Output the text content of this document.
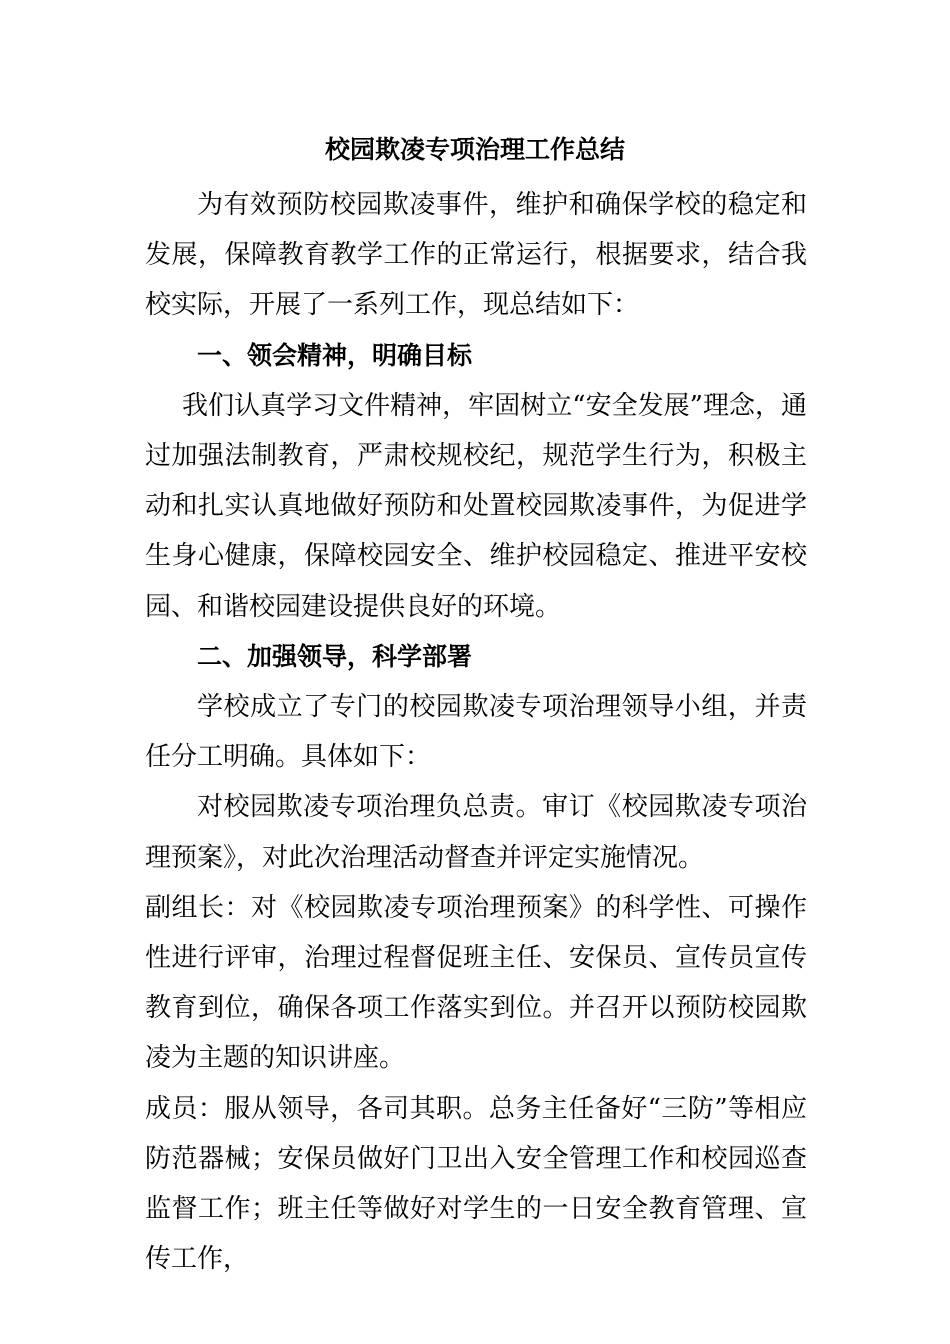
校园欺凌专项治理工作总结

为有效预防校园欺凌事件，维护和确保学校的稳定和发展，保障教育教学工作的正常运行，根据要求，结合我校实际，开展了一系列工作，现总结如下：

一、领会精神，明确目标

我们认真学习文件精神，牢固树立“安全发展”理念，通过加强法制教育，严肃校规校纪，规范学生行为，积极主动和扎实认真地做好预防和处置校园欺凌事件，为促进学生身心健康，保障校园安全、维护校园稳定、推进平安校园、和谐校园建设提供良好的环境。

二、加强领导，科学部署

学校成立了专门的校园欺凌专项治理领导小组，并责任分工明确。具体如下：

对校园欺凌专项治理负总责。审订《校园欺凌专项治理预案》，对此次治理活动督查并评定实施情况。

副组长：对《校园欺凌专项治理预案》的科学性、可操作性进行评审，治理过程督促班主任、安保员、宣传员宣传教育到位，确保各项工作落实到位。并召开以预防校园欺凌为主题的知识讲座。

成员：服从领导，各司其职。总务主任备好“三防”等相应防范器械；安保员做好门卫出入安全管理工作和校园巡查监督工作；班主任等做好对学生的一日安全教育管理、宣传工作，
